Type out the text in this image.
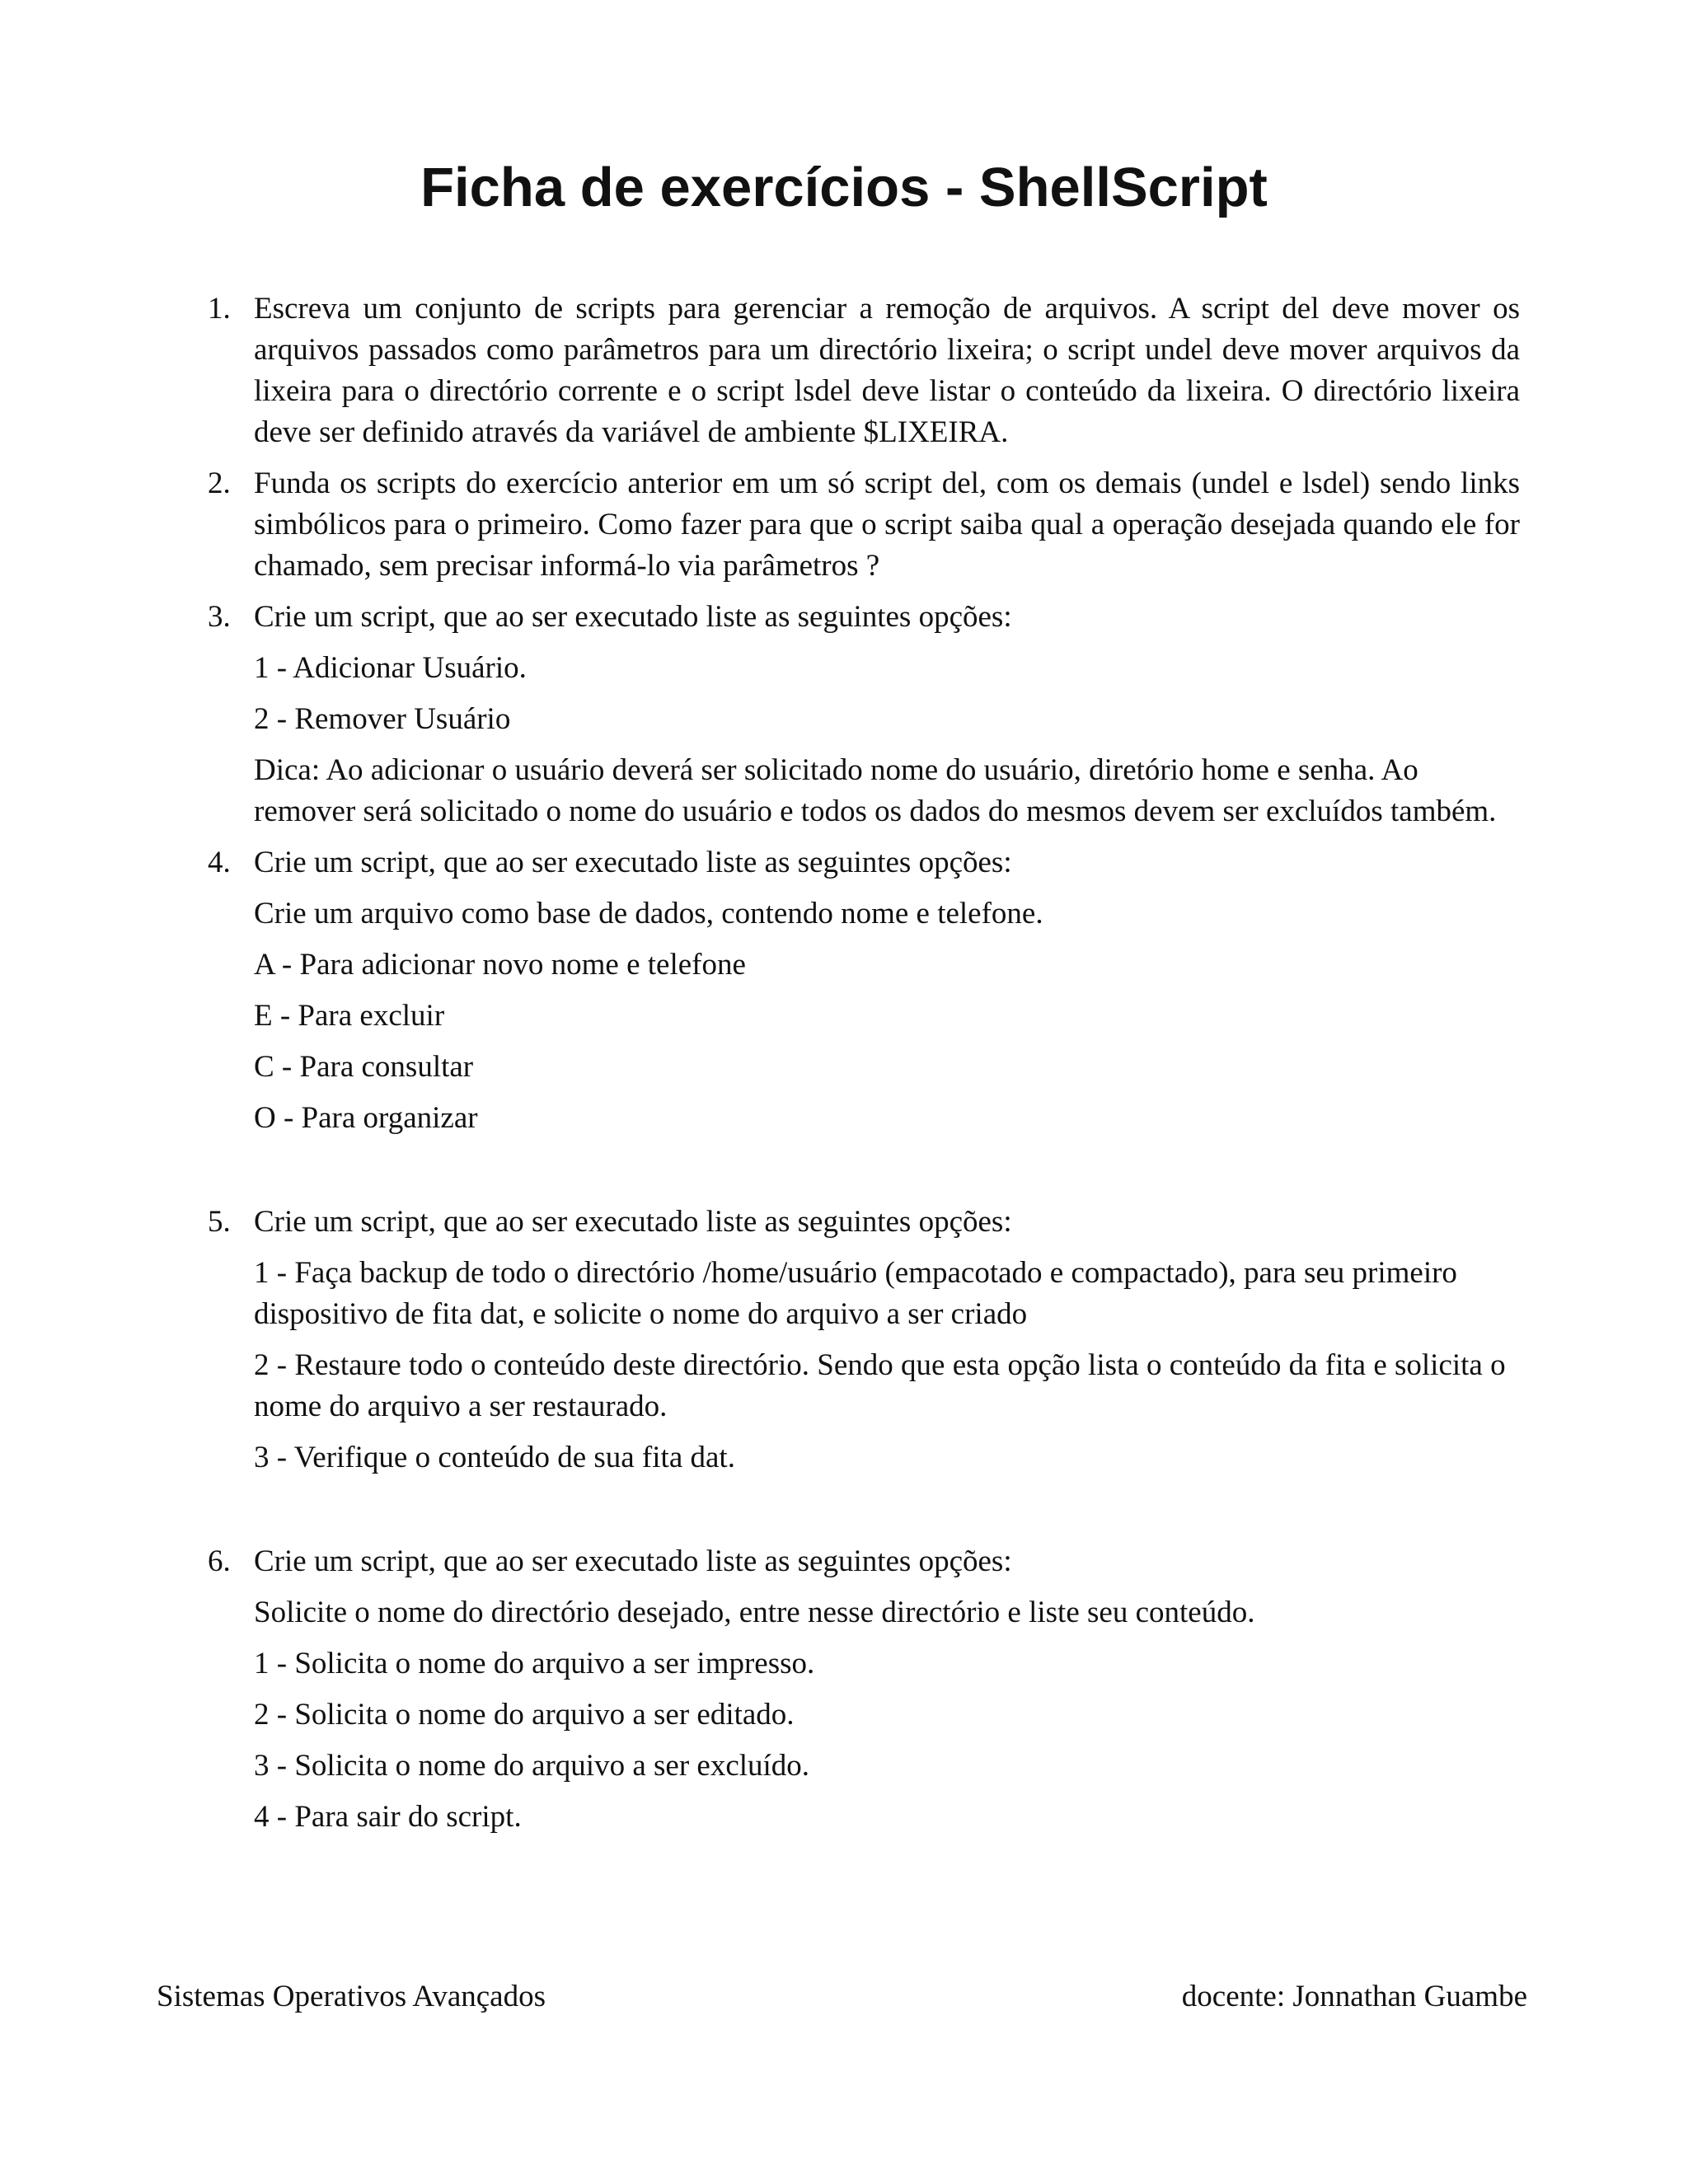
Ficha de exercícios - ShellScript
1. Escreva um conjunto de scripts para gerenciar a remoção de arquivos. A script del deve mover os arquivos passados como parâmetros para um directório lixeira; o script undel deve mover arquivos da lixeira para o directório corrente e o script lsdel deve listar o conteúdo da lixeira. O directório lixeira deve ser definido através da variável de ambiente $LIXEIRA.

2. Funda os scripts do exercício anterior em um só script del, com os demais (undel e lsdel) sendo links simbólicos para o primeiro. Como fazer para que o script saiba qual a operação desejada quando ele for chamado, sem precisar informá-lo via parâmetros ?

3. Crie um script, que ao ser executado liste as seguintes opções:

1 - Adicionar Usuário.

2 - Remover Usuário

Dica: Ao adicionar o usuário deverá ser solicitado nome do usuário, diretório home e senha. Ao remover será solicitado o nome do usuário e todos os dados do mesmos devem ser excluídos também.

4. Crie um script, que ao ser executado liste as seguintes opções:

Crie um arquivo como base de dados, contendo nome e telefone.

A - Para adicionar novo nome e telefone

E - Para excluir

C - Para consultar

O - Para organizar

5. Crie um script, que ao ser executado liste as seguintes opções:

1 - Faça backup de todo o directório /home/usuário (empacotado e compactado), para seu primeiro dispositivo de fita dat, e solicite o nome do arquivo a ser criado

2 - Restaure todo o conteúdo deste directório. Sendo que esta opção lista o conteúdo da fita e solicita o nome do arquivo a ser restaurado.

3 - Verifique o conteúdo de sua fita dat.

6. Crie um script, que ao ser executado liste as seguintes opções:

Solicite o nome do directório desejado, entre nesse directório e liste seu conteúdo.

1 - Solicita o nome do arquivo a ser impresso.

2 - Solicita o nome do arquivo a ser editado.

3 - Solicita o nome do arquivo a ser excluído.

4 - Para sair do script.

Sistemas Operativos Avançados	docente: Jonnathan Guambe
